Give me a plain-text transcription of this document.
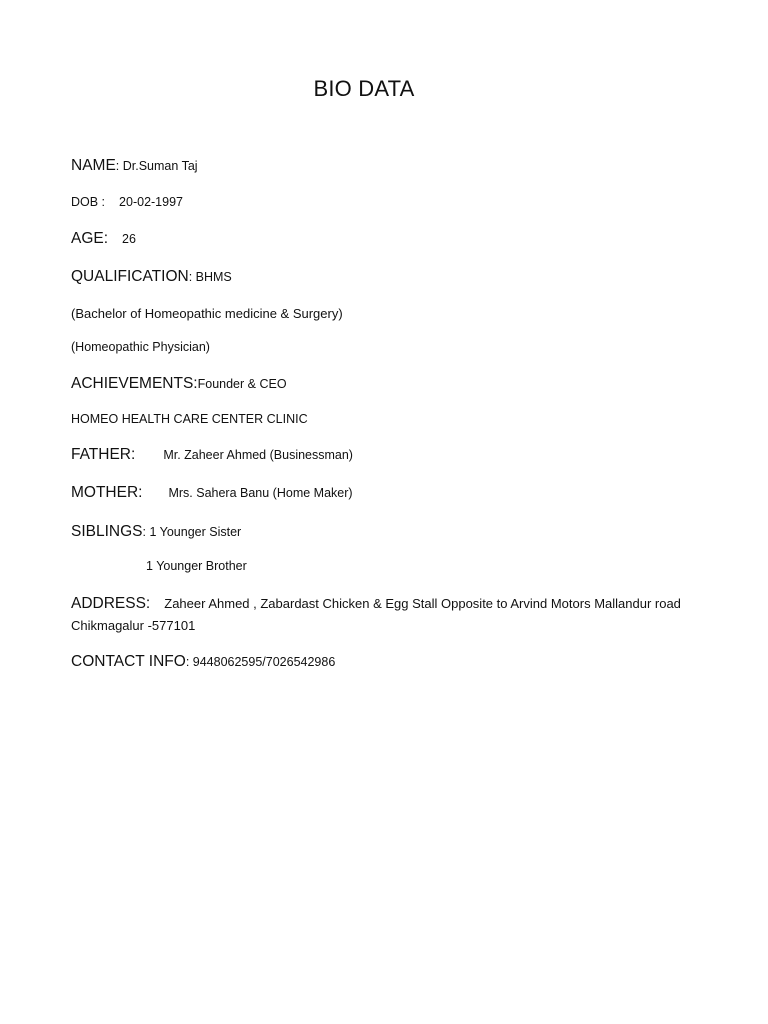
BIO DATA
NAME: Dr.Suman Taj
DOB : 20-02-1997
AGE: 26
QUALIFICATION: BHMS
(Bachelor of Homeopathic medicine & Surgery)
(Homeopathic Physician)
ACHIEVEMENTS:Founder & CEO
HOMEO HEALTH CARE CENTER CLINIC
FATHER: Mr. Zaheer Ahmed (Businessman)
MOTHER: Mrs. Sahera Banu (Home Maker)
SIBLINGS: 1 Younger Sister
1 Younger Brother
ADDRESS: Zaheer Ahmed , Zabardast Chicken & Egg Stall Opposite to Arvind Motors Mallandur road Chikmagalur -577101
CONTACT INFO: 9448062595/7026542986
